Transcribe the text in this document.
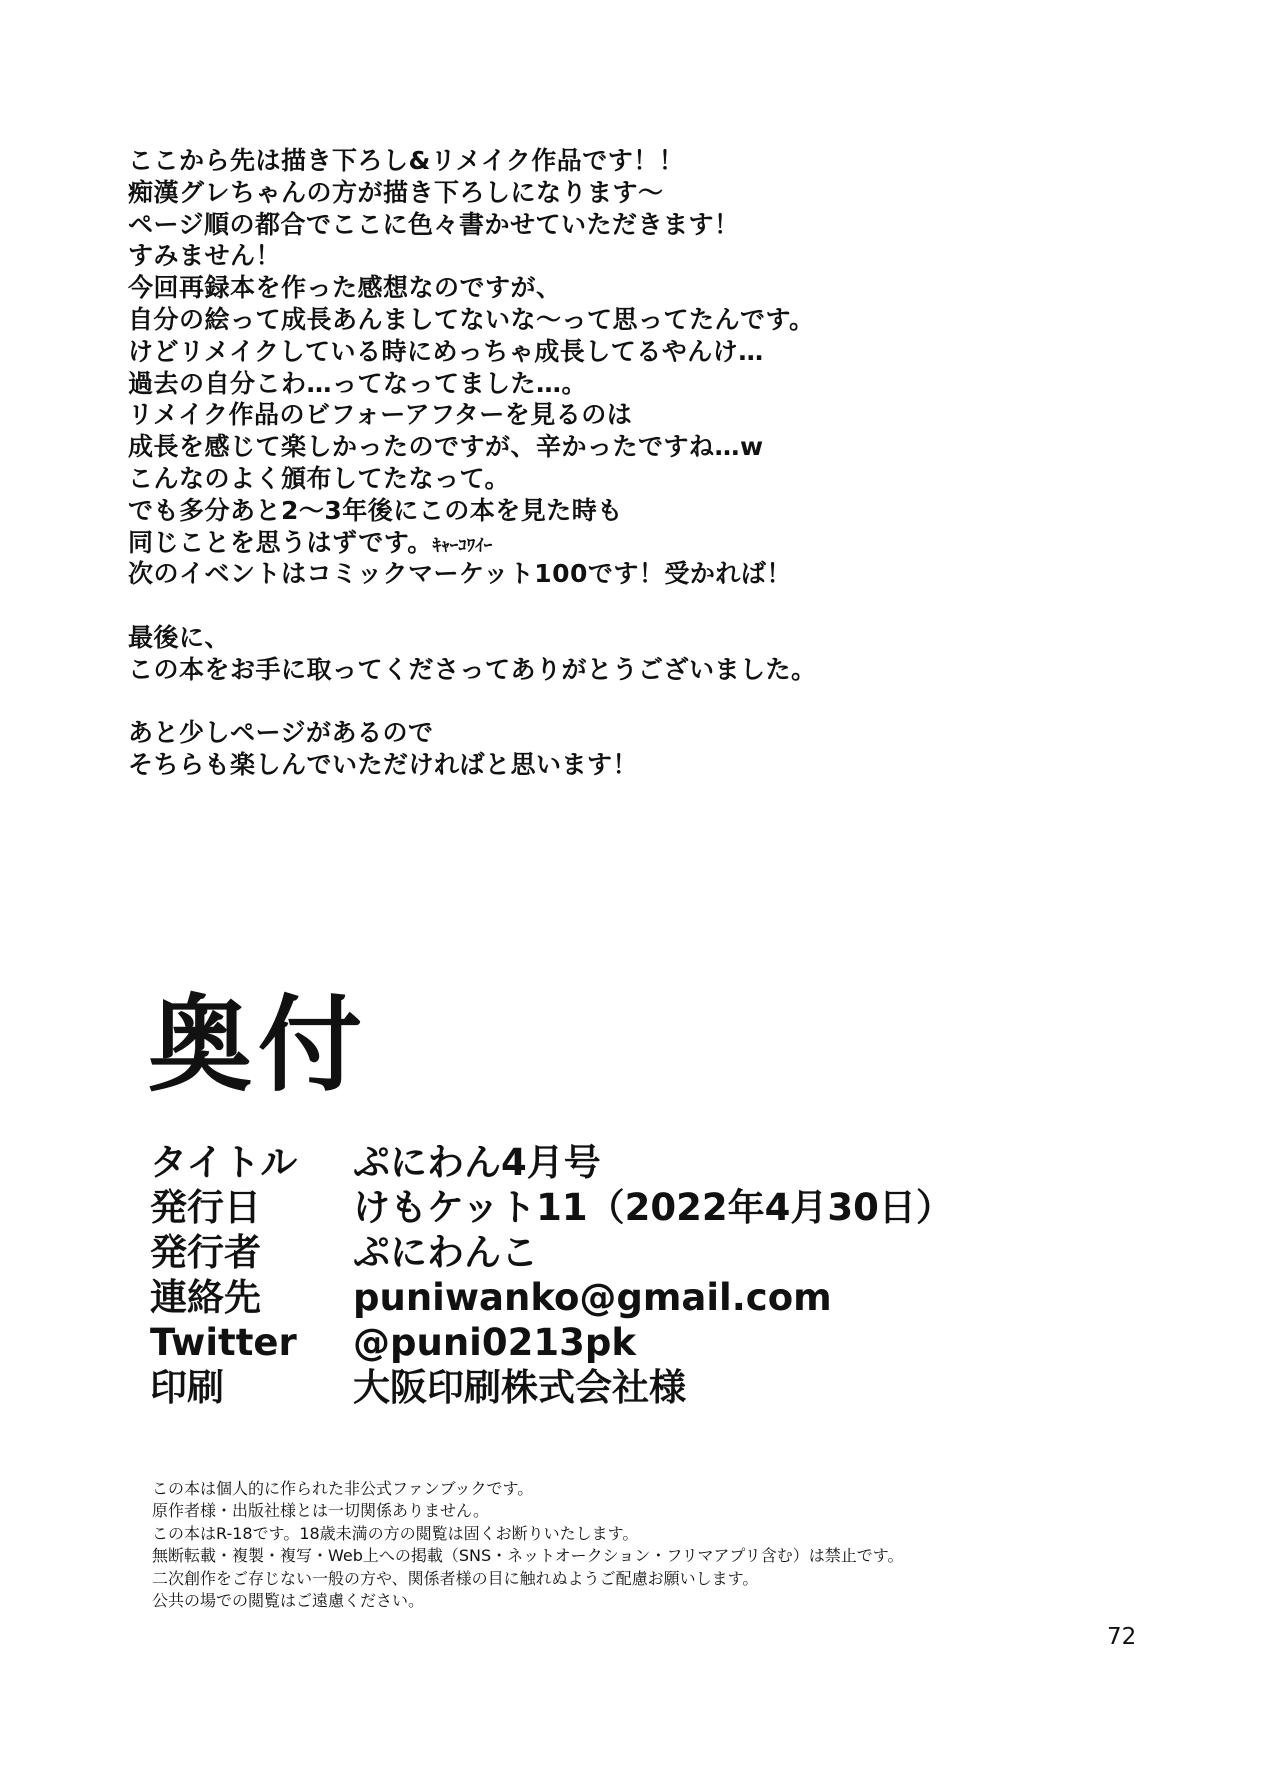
ここから先は描き下ろし&リメイク作品です！！
痴漢グレちゃんの方が描き下ろしになります〜
ページ順の都合でここに色々書かせていただきます！
すみません！
今回再録本を作った感想なのですが、
自分の絵って成長あんましてないな〜って思ってたんです。
けどリメイクしている時にめっちゃ成長してるやんけ…
過去の自分こわ…ってなってました…。
リメイク作品のビフォーアフターを見るのは
成長を感じて楽しかったのですが、辛かったですね…w
こんなのよく頒布してたなって。
でも多分あと2〜3年後にこの本を見た時も
同じことを思うはずです。ｷｬｰｺﾜｲｰ
次のイベントはコミックマーケット100です！受かれば！
最後に、
この本をお手に取ってくださってありがとうございました。
あと少しページがあるので
そちらも楽しんでいただければと思います！
奥付
タイトル	ぷにわん4月号
発行日	けもケット11（2022年4月30日）
発行者	ぷにわんこ
連絡先	puniwanko@gmail.com
Twitter	@puni0213pk
印刷	大阪印刷株式会社様
この本は個人的に作られた非公式ファンブックです。
原作者様・出版社様とは一切関係ありません。
この本はR-18です。18歳未満の方の閲覧は固くお断りいたします。
無断転載・複製・複写・Web上への掲載（SNS・ネットオークション・フリマアプリ含む）は禁止です。
二次創作をご存じない一般の方や、関係者様の目に触れぬようご配慮お願いします。
公共の場での閲覧はご遠慮ください。
72
